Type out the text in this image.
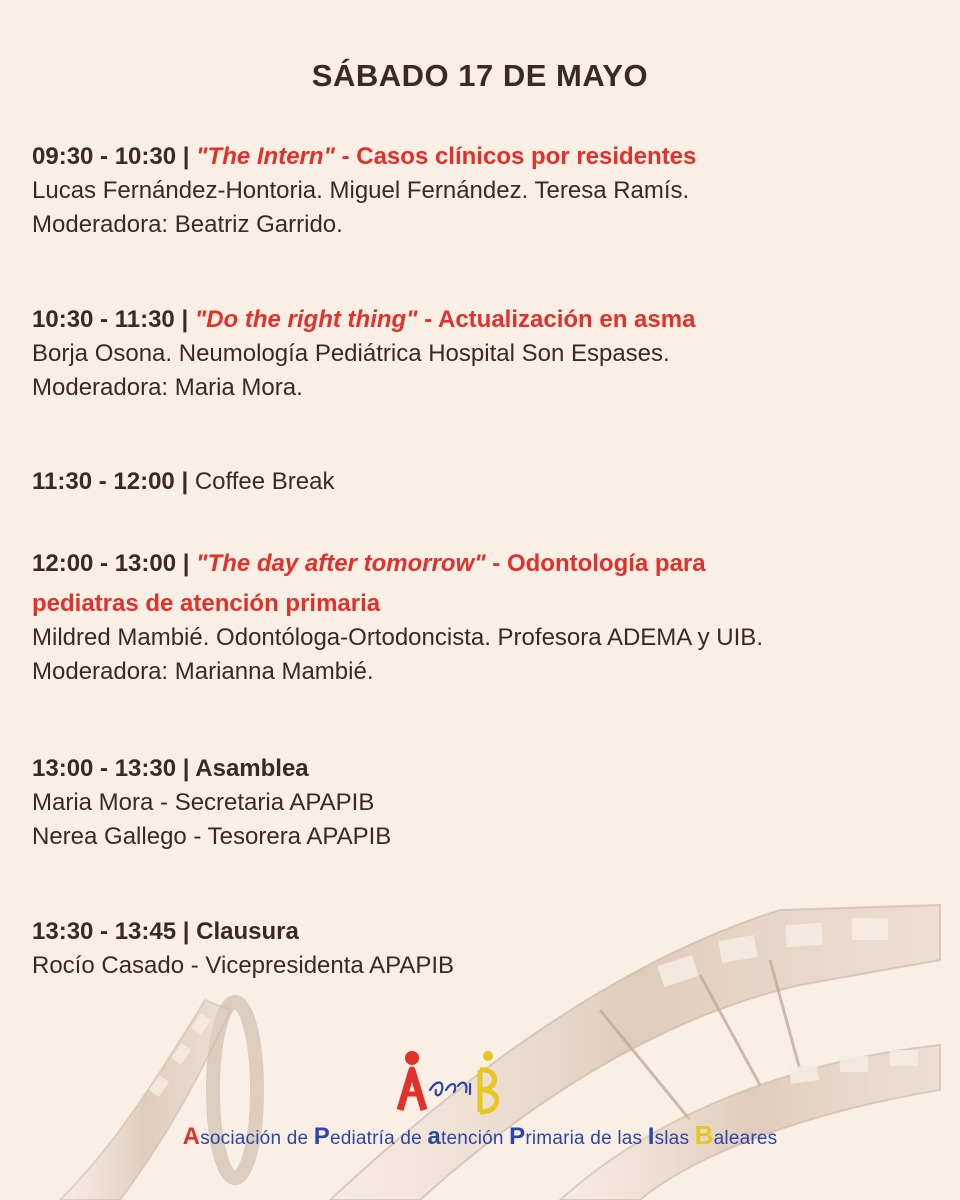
SÁBADO 17 DE MAYO
09:30 - 10:30 | "The Intern" - Casos clínicos por residentes
Lucas Fernández-Hontoria. Miguel Fernández. Teresa Ramís.
Moderadora: Beatriz Garrido.
10:30 - 11:30 | "Do the right thing" - Actualización en asma
Borja Osona. Neumología Pediátrica Hospital Son Espases.
Moderadora: Maria Mora.
11:30 - 12:00 | Coffee Break
12:00 - 13:00 | "The day after tomorrow" - Odontología para
pediatras de atención primaria
Mildred Mambié. Odontóloga-Ortodoncista. Profesora ADEMA y UIB.
Moderadora: Marianna Mambié.
13:00 - 13:30 | Asamblea
Maria Mora - Secretaria APAPIB
Nerea Gallego - Tesorera APAPIB
13:30 - 13:45 | Clausura
Rocío Casado - Vicepresidenta APAPIB
Asociación de Pediatría de atención Primaria de las Islas Baleares
